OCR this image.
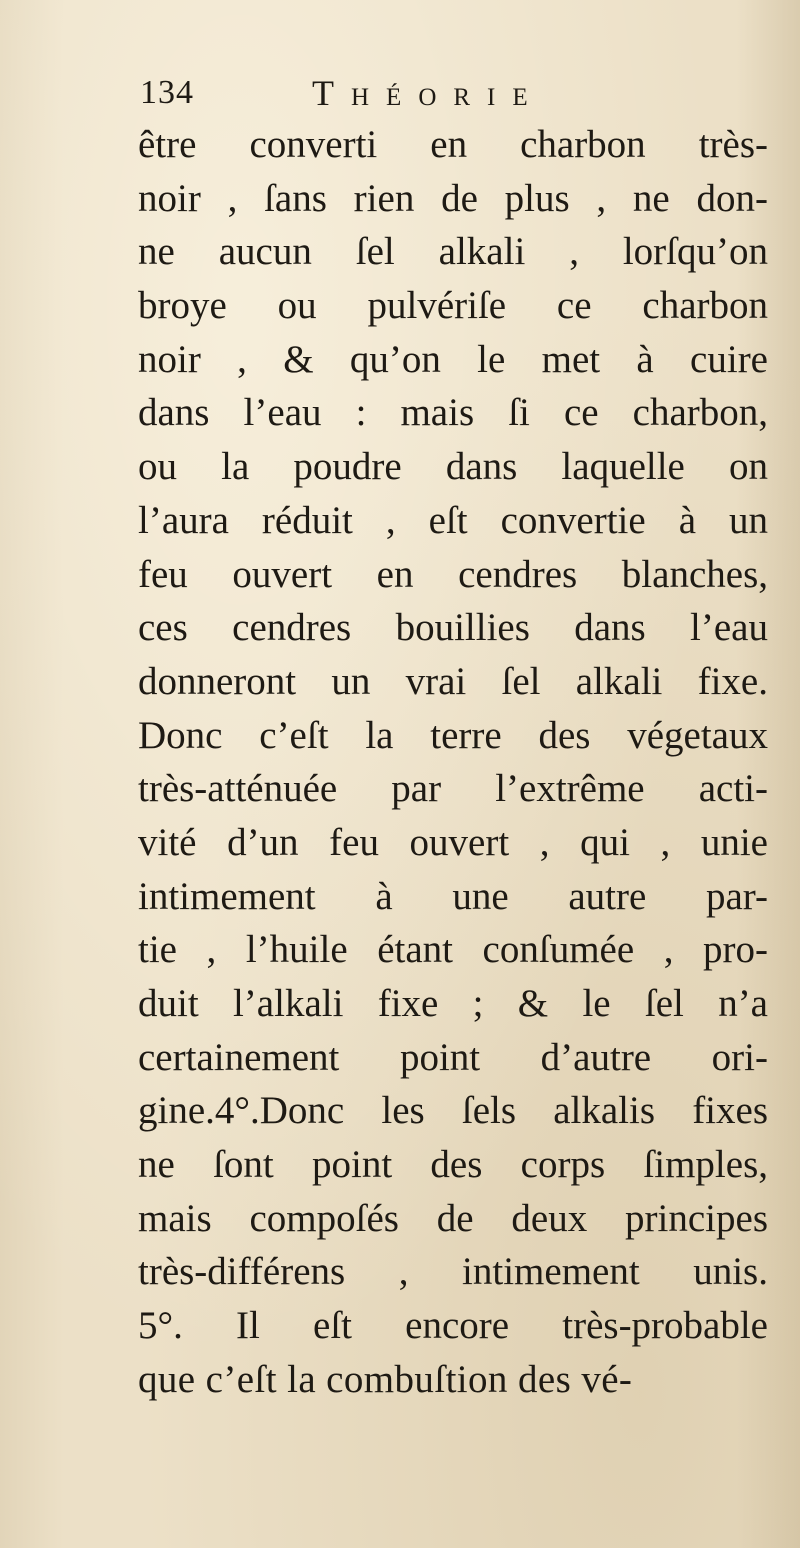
134	Théorie
être converti en charbon très-
noir , ſans rien de plus , ne don-
ne aucun ſel alkali , lorſqu’on
broye ou pulvériſe ce charbon
noir , & qu’on le met à cuire
dans l’eau : mais ſi ce charbon,
ou la poudre dans laquelle on
l’aura réduit , eſt convertie à un
feu ouvert en cendres blanches,
ces cendres bouillies dans l’eau
donneront un vrai ſel alkali fixe.
Donc c’eſt la terre des végetaux
très-atténuée par l’extrême acti-
vité d’un feu ouvert , qui , unie
intimement à une autre par-
tie , l’huile étant conſumée , pro-
duit l’alkali fixe ; & le ſel n’a
certainement point d’autre ori-
gine.4°.Donc les ſels alkalis fixes
ne ſont point des corps ſimples,
mais compoſés de deux principes
très-différens , intimement unis.
5°. Il eſt encore très-probable
que c’eſt la combuſtion des vé-
